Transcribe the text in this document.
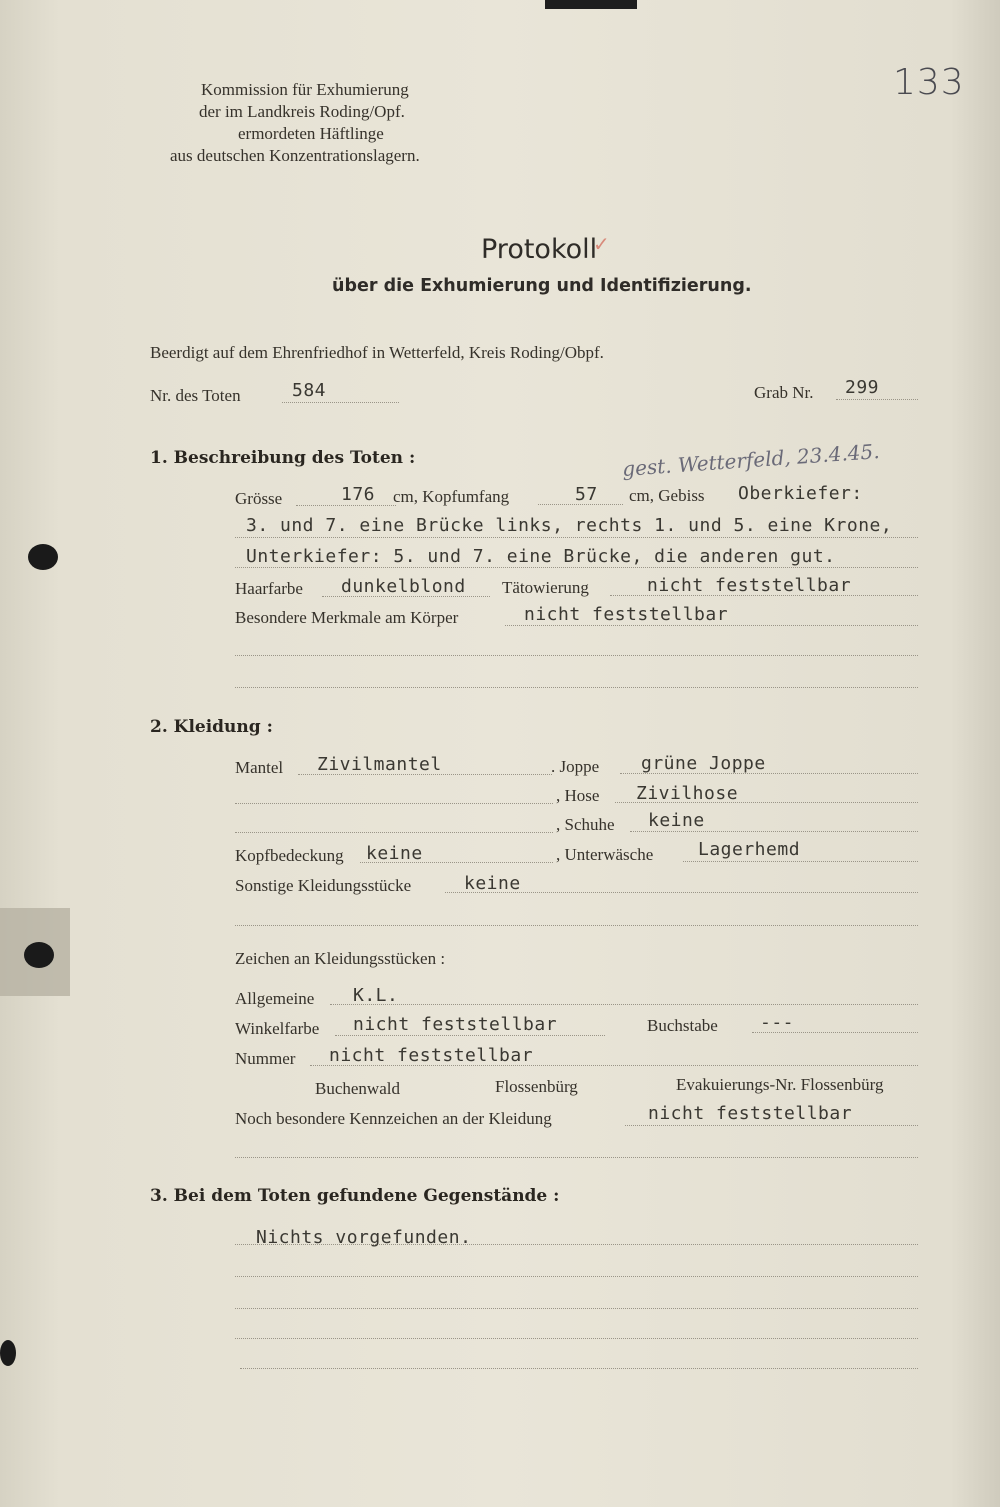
Kommission für Exhumierung
der im Landkreis Roding/Opf.
ermordeten Häftlinge
aus deutschen Konzentrationslagern.
133
Protokoll
✓
über die Exhumierung und Identifizierung.
Beerdigt auf dem Ehrenfriedhof in Wetterfeld, Kreis Roding/Obpf.
Nr. des Toten	584	Grab Nr. 299
1. Beschreibung des Toten :	gest. Wetterfeld, 23.4.45.
Grösse	176 cm, Kopfumfang	57 cm, Gebiss Oberkiefer:
3. und 7. eine Brücke links, rechts 1. und 5. eine Krone,
Unterkiefer: 5. und 7. eine Brücke, die anderen gut.
Haarfarbe dunkelblond Tätowierung	nicht feststellbar
Besondere Merkmale am Körper	nicht feststellbar
2. Kleidung :
Mantel Zivilmantel	. Joppe grüne Joppe
, Hose Zivilhose
, Schuhe keine
Kopfbedeckung keine	, Unterwäsche Lagerhemd
Sonstige Kleidungsstücke	keine
Zeichen an Kleidungsstücken :
Allgemeine K.L.
Winkelfarbe nicht feststellbar	Buchstabe ---
Nummer nicht feststellbar
Buchenwald	Flossenbürg	Evakuierungs-Nr. Flossenbürg
Noch besondere Kennzeichen an der Kleidung	nicht feststellbar
3. Bei dem Toten gefundene Gegenstände :
Nichts vorgefunden.
